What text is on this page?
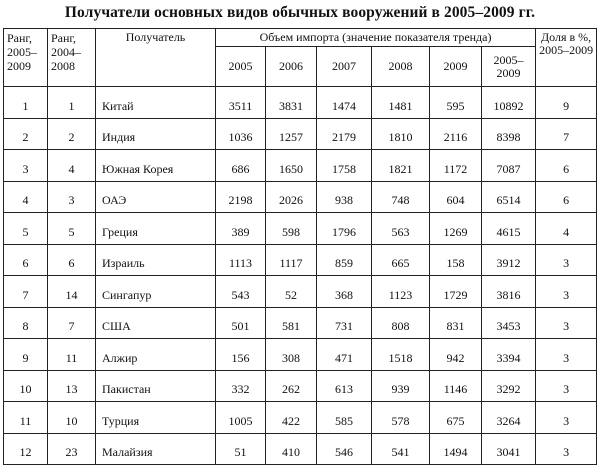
Получатели основных видов обычных вооружений в 2005–2009 гг.
Ранг, 2005–2009	Ранг, 2004–2008	Получатель	Объем импорта (значение показателя тренда)						Доля в %, 2005–2009
			2005	2006	2007	2008	2009	2005–2009	
1	1	Китай	3511	3831	1474	1481	595	10892	9
2	2	Индия	1036	1257	2179	1810	2116	8398	7
3	4	Южная Корея	686	1650	1758	1821	1172	7087	6
4	3	ОАЭ	2198	2026	938	748	604	6514	6
5	5	Греция	389	598	1796	563	1269	4615	4
6	6	Израиль	1113	1117	859	665	158	3912	3
7	14	Сингапур	543	52	368	1123	1729	3816	3
8	7	США	501	581	731	808	831	3453	3
9	11	Алжир	156	308	471	1518	942	3394	3
10	13	Пакистан	332	262	613	939	1146	3292	3
11	10	Турция	1005	422	585	578	675	3264	3
12	23	Малайзия	51	410	546	541	1494	3041	3
